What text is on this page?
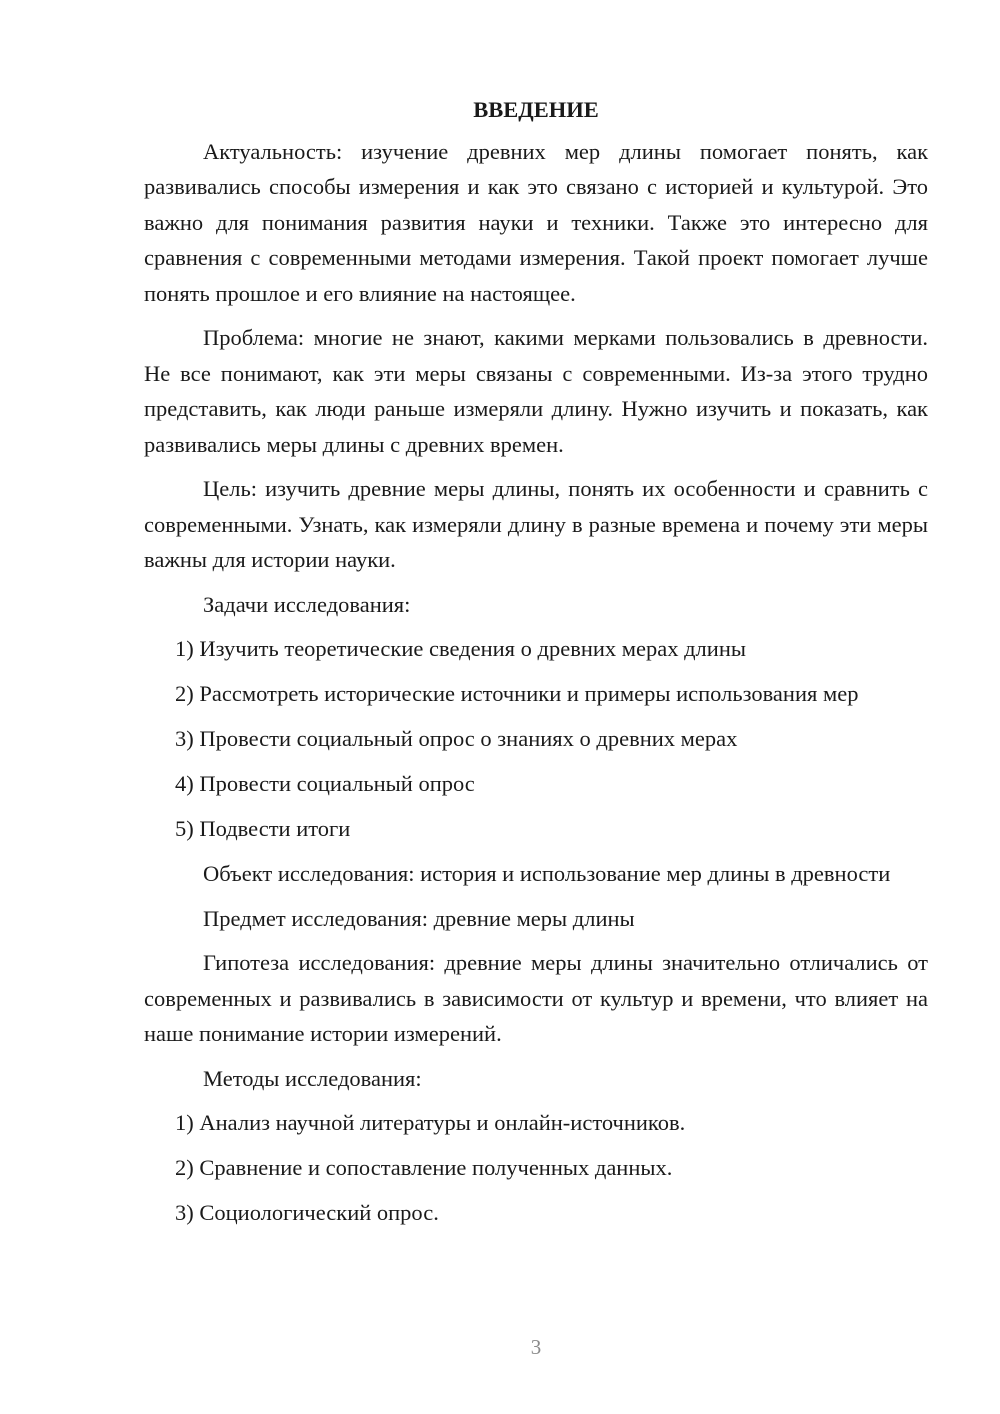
ВВЕДЕНИЕ

Актуальность: изучение древних мер длины помогает понять, как развивались способы измерения и как это связано с историей и культурой. Это важно для понимания развития науки и техники. Также это интересно для сравнения с современными методами измерения. Такой проект помогает лучше понять прошлое и его влияние на настоящее.

Проблема: многие не знают, какими мерками пользовались в древности. Не все понимают, как эти меры связаны с современными. Из-за этого трудно представить, как люди раньше измеряли длину. Нужно изучить и показать, как развивались меры длины с древних времен.

Цель: изучить древние меры длины, понять их особенности и сравнить с современными. Узнать, как измеряли длину в разные времена и почему эти меры важны для истории науки.

Задачи исследования:

1) Изучить теоретические сведения о древних мерах длины

2) Рассмотреть исторические источники и примеры использования мер

3) Провести социальный опрос о знаниях о древних мерах

4) Провести социальный опрос

5) Подвести итоги

Объект исследования: история и использование мер длины в древности

Предмет исследования: древние меры длины

Гипотеза исследования: древние меры длины значительно отличались от современных и развивались в зависимости от культур и времени, что влияет на наше понимание истории измерений.

Методы исследования:

1) Анализ научной литературы и онлайн-источников.

2) Сравнение и сопоставление полученных данных.

3) Социологический опрос.

3
